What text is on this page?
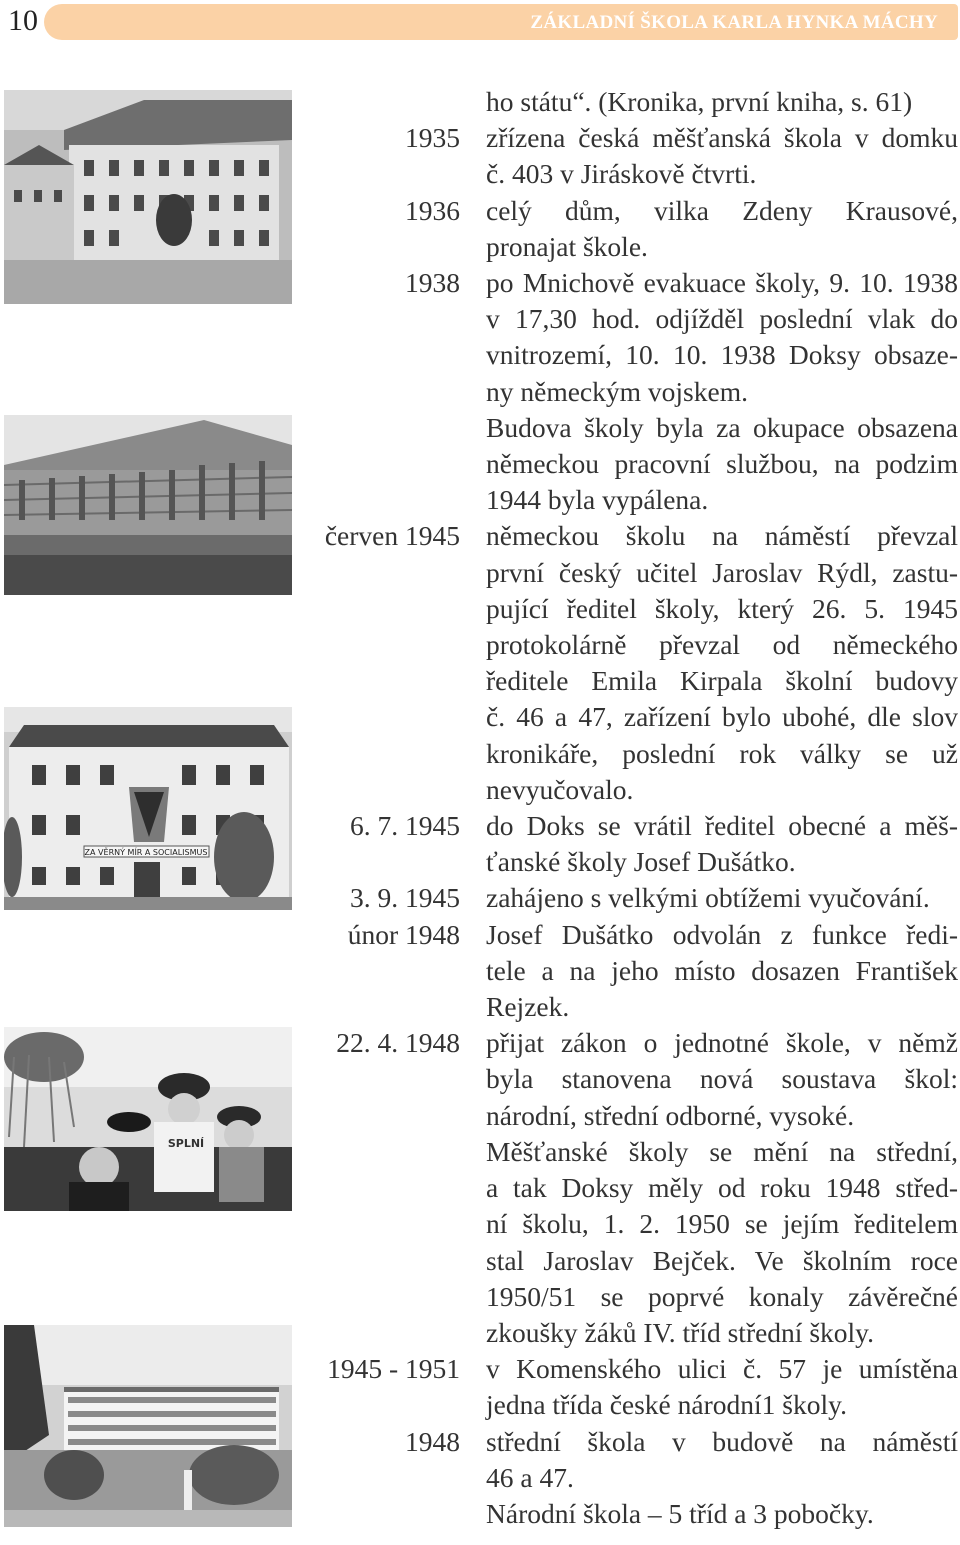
10	ZÁKLADNÍ ŠKOLA KARLA HYNKA MÁCHY
ZA VĚRNÝ MÍR A SOCIALISMUS
SPLNÍ
ho státu“. (Kronika, první kniha, s. 61)
1935 zřízena česká měšťanská škola v domku
č. 403 v Jiráskově čtvrti.
1936 celý dům, vilka Zdeny Krausové,
pronajat škole.
1938 po Mnichově evakuace školy, 9. 10. 1938
v 17,30 hod. odjížděl poslední vlak do
vnitrozemí, 10. 10. 1938 Doksy obsaze-
ny německým vojskem.
Budova školy byla za okupace obsazena
německou pracovní službou, na podzim
1944 byla vypálena.
červen 1945 německou školu na náměstí převzal
první český učitel Jaroslav Rýdl, zastu-
pující ředitel školy, který 26. 5. 1945
protokolárně převzal od německého
ředitele Emila Kirpala školní budovy
č. 46 a 47, zařízení bylo ubohé, dle slov
kronikáře, poslední rok války se už
nevyučovalo.
6. 7. 1945 do Doks se vrátil ředitel obecné a měš-
ťanské školy Josef Dušátko.
3. 9. 1945 zahájeno s velkými obtížemi vyučování.
únor 1948 Josef Dušátko odvolán z funkce ředi-
tele a na jeho místo dosazen František
Rejzek.
22. 4. 1948 přijat zákon o jednotné škole, v němž
byla stanovena nová soustava škol:
národní, střední odborné, vysoké.
Měšťanské školy se mění na střední,
a tak Doksy měly od roku 1948 střed-
ní školu, 1. 2. 1950 se jejím ředitelem
stal Jaroslav Bejček. Ve školním roce
1950/51 se poprvé konaly závěrečné
zkoušky žáků IV. tříd střední školy.
1945 - 1951 v Komenského ulici č. 57 je umístěna
jedna třída české národní1 školy.
1948 střední škola v budově na náměstí
46 a 47.
Národní škola – 5 tříd a 3 pobočky.
